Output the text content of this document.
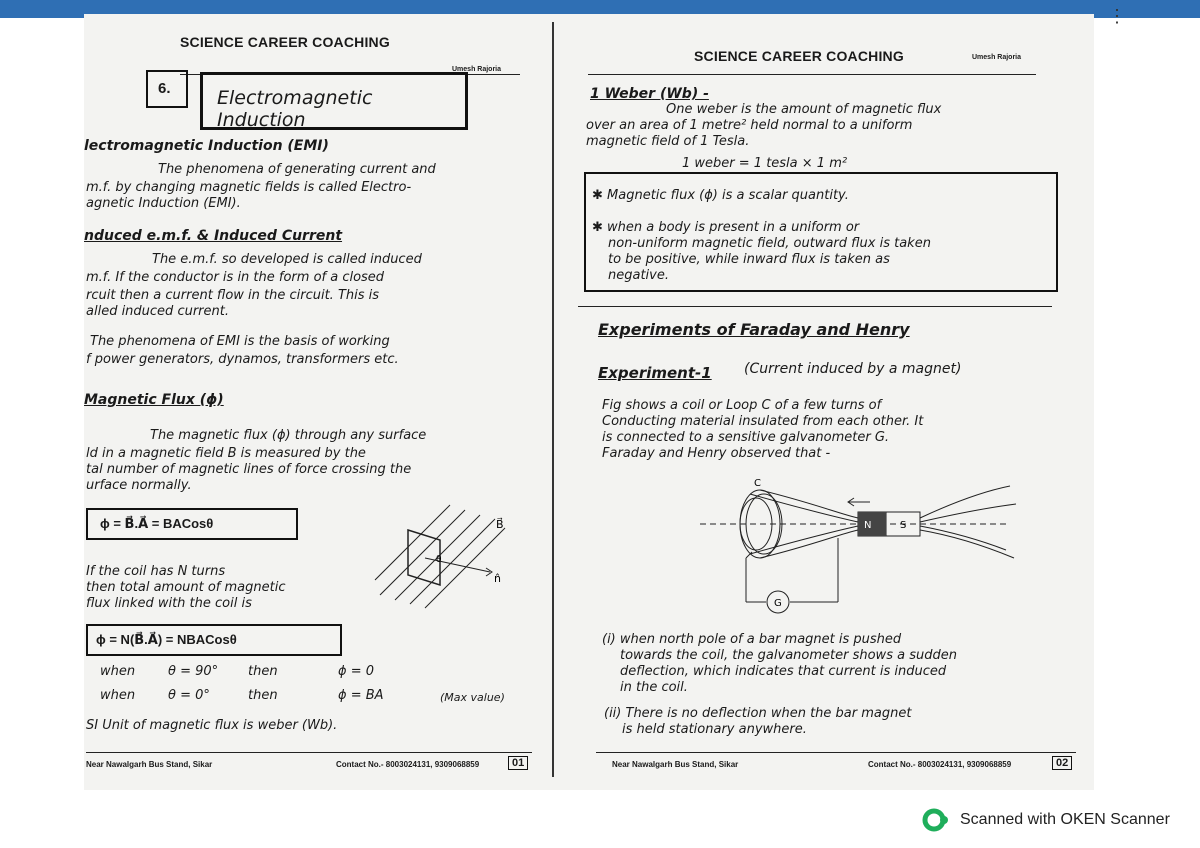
⋮
SCIENCE CAREER COACHING
Umesh Rajoria
6. Electromagnetic Induction
lectromagnetic Induction (EMI)
The phenomena of generating current and
m.f. by changing magnetic fields is called Electro-
agnetic Induction (EMI).
nduced e.m.f. & Induced Current
The e.m.f. so developed is called induced
m.f. If the conductor is in the form of a closed
rcuit then a current flow in the circuit. This is
alled induced current.
The phenomena of EMI is the basis of working
f power generators, dynamos, transformers etc.
Magnetic Flux (ϕ)
The magnetic flux (ϕ) through any surface
ld in a magnetic field B is measured by the
tal number of magnetic lines of force crossing the
urface normally.
ϕ = B⃗.A⃗ = BACosθ	B⃗
n̂
θ
If the coil has N turns
then total amount of magnetic
flux linked with the coil is
ϕ = N(B⃗.A⃗) = NBACosθ
when	θ = 90° then	ϕ = 0
when	θ = 0°	then	ϕ = BA	(Max value)
SI Unit of magnetic flux is weber (Wb).
Near Nawalgarh Bus Stand, Sikar	Contact No.- 8003024131, 9309068859	01
SCIENCE CAREER COACHING	Umesh Rajoria
1 Weber (Wb) -
One weber is the amount of magnetic flux
over an area of 1 metre² held normal to a uniform
magnetic field of 1 Tesla.
1 weber = 1 tesla × 1 m²
✱ Magnetic flux (ϕ) is a scalar quantity.
✱ when a body is present in a uniform or
non-uniform magnetic field, outward flux is taken
to be positive, while inward flux is taken as
negative.
Experiments of Faraday and Henry
Experiment-1 (Current induced by a magnet)
Fig shows a coil or Loop C of a few turns of
Conducting material insulated from each other. It
is connected to a sensitive galvanometer G.
Faraday and Henry observed that -
C
N	S
G
(i) when north pole of a bar magnet is pushed
towards the coil, the galvanometer shows a sudden
deflection, which indicates that current is induced
in the coil.
(ii) There is no deflection when the bar magnet
is held stationary anywhere.
Near Nawalgarh Bus Stand, Sikar	Contact No.- 8003024131, 9309068859	02
Scanned with OKEN Scanner
